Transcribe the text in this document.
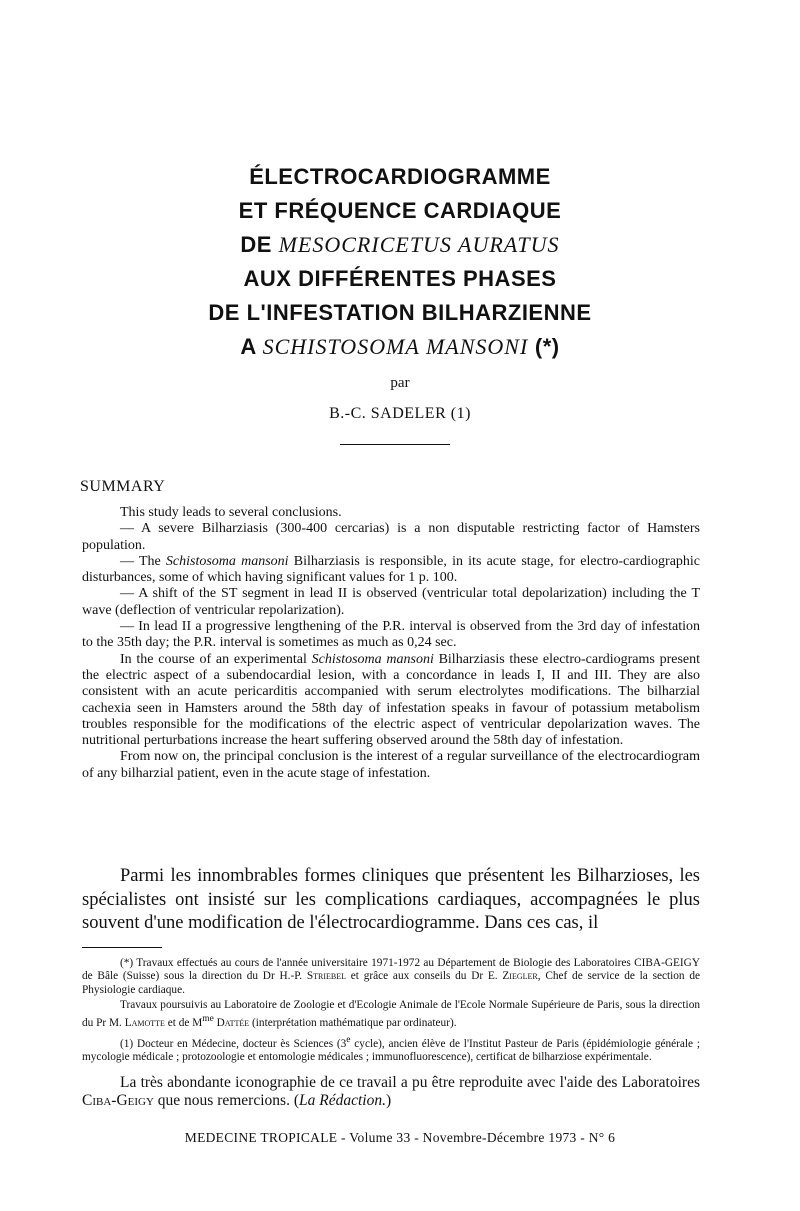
ÉLECTROCARDIOGRAMME
ET FRÉQUENCE CARDIAQUE
DE MESOCRICETUS AURATUS
AUX DIFFÉRENTES PHASES
DE L'INFESTATION BILHARZIENNE
A SCHISTOSOMA MANSONI (*)
par
B.-C. SADELER (1)
SUMMARY

This study leads to several conclusions.

— A severe Bilharziasis (300-400 cercarias) is a non disputable restricting factor of Hamsters population.

— The Schistosoma mansoni Bilharziasis is responsible, in its acute stage, for electro-cardiographic disturbances, some of which having significant values for 1 p. 100.

— A shift of the ST segment in lead II is observed (ventricular total depolarization) including the T wave (deflection of ventricular repolarization).

— In lead II a progressive lengthening of the P.R. interval is observed from the 3rd day of infestation to the 35th day; the P.R. interval is sometimes as much as 0,24 sec.

In the course of an experimental Schistosoma mansoni Bilharziasis these electro-cardiograms present the electric aspect of a subendocardial lesion, with a concordance in leads I, II and III. They are also consistent with an acute pericarditis accompanied with serum electrolytes modifications. The bilharzial cachexia seen in Hamsters around the 58th day of infestation speaks in favour of potassium metabolism troubles responsible for the modifications of the electric aspect of ventricular depolarization waves. The nutritional perturbations increase the heart suffering observed around the 58th day of infestation.

From now on, the principal conclusion is the interest of a regular surveillance of the electrocardiogram of any bilharzial patient, even in the acute stage of infestation.

Parmi les innombrables formes cliniques que présentent les Bilharzioses, les spécialistes ont insisté sur les complications cardiaques, accompagnées le plus souvent d'une modification de l'électrocardiogramme. Dans ces cas, il

(*) Travaux effectués au cours de l'année universitaire 1971-1972 au Département de Biologie des Laboratoires CIBA-GEIGY de Bâle (Suisse) sous la direction du Dr H.-P. Striebel et grâce aux conseils du Dr E. Ziegler, Chef de service de la section de Physiologie cardiaque.

Travaux poursuivis au Laboratoire de Zoologie et d'Ecologie Animale de l'Ecole Normale Supérieure de Paris, sous la direction du Pr M. Lamotte et de $M^{me}$ Dattée (interprétation mathématique par ordinateur).

(1) Docteur en Médecine, docteur ès Sciences (3e cycle), ancien élève de l'Institut Pasteur de Paris (épidémiologie générale ; mycologie médicale ; protozoologie et entomologie médicales ; immunofluorescence), certificat de bilharziose expérimentale.

La très abondante iconographie de ce travail a pu être reproduite avec l'aide des Laboratoires Ciba-Geigy que nous remercions. (La Rédaction.)

MEDECINE TROPICALE - Volume 33 - Novembre-Décembre 1973 - N° 6
